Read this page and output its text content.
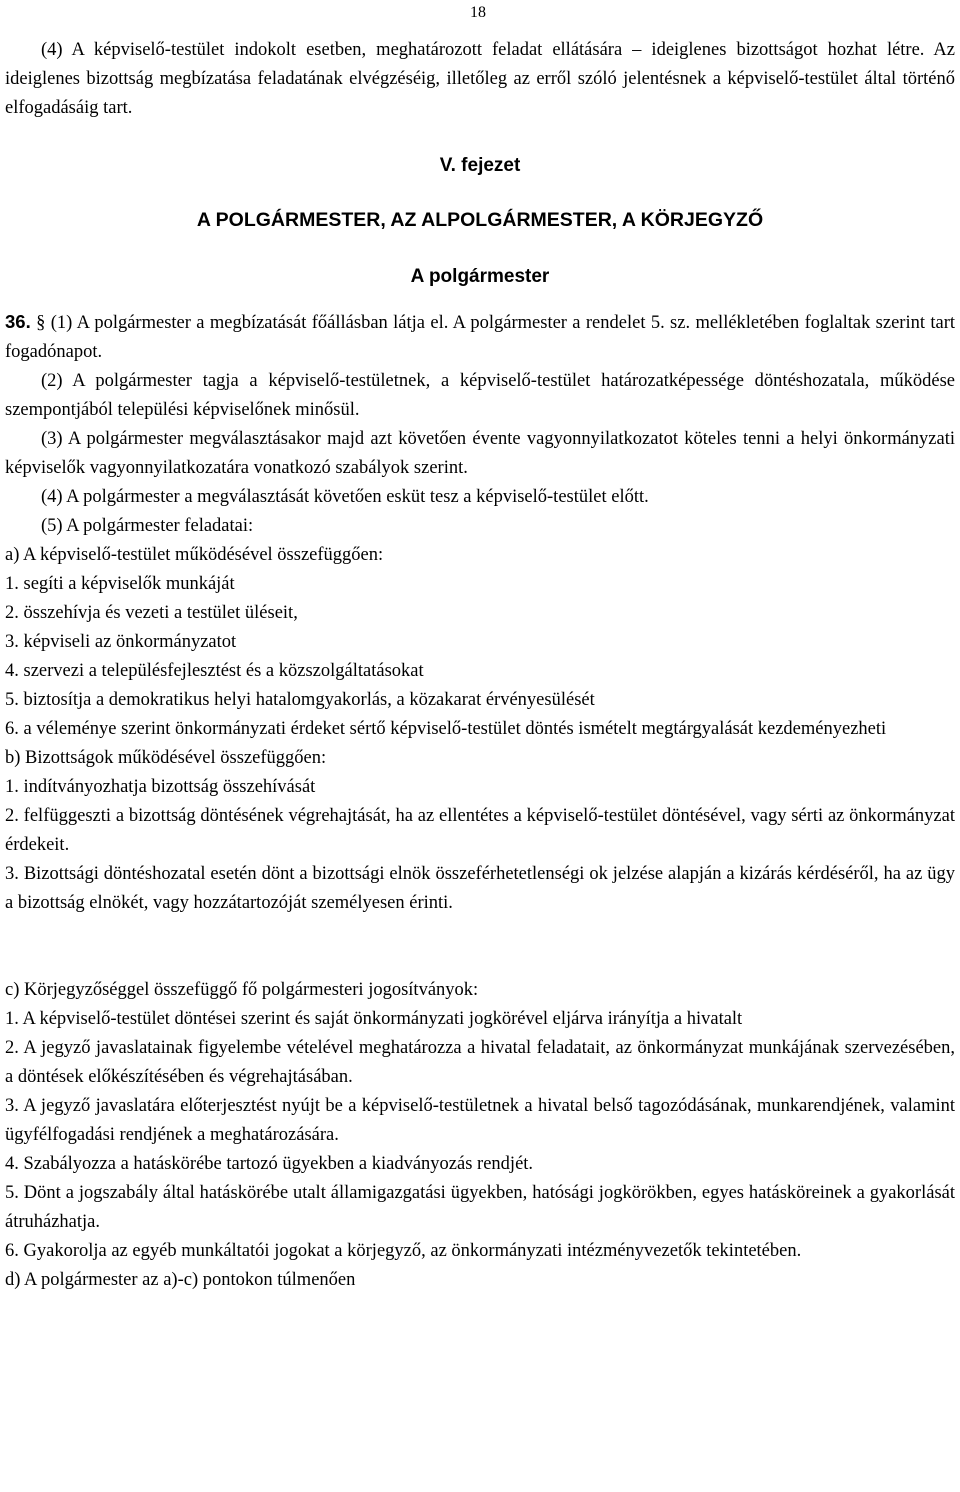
18

(4) A képviselő-testület indokolt esetben, meghatározott feladat ellátására – ideiglenes bizottságot hozhat létre. Az ideiglenes bizottság megbízatása feladatának elvégzéséig, illetőleg az erről szóló jelentésnek a képviselő-testület által történő elfogadásáig tart.

V. fejezet

A POLGÁRMESTER, AZ ALPOLGÁRMESTER, A KÖRJEGYZŐ

A polgármester

36. § (1) A polgármester a megbízatását főállásban látja el. A polgármester a rendelet 5. sz. mellékletében foglaltak szerint tart fogadónapot.

(2) A polgármester tagja a képviselő-testületnek, a képviselő-testület határozatképessége döntéshozatala, működése szempontjából települési képviselőnek minősül.

(3) A polgármester megválasztásakor majd azt követően évente vagyonnyilatkozatot köteles tenni a helyi önkormányzati képviselők vagyonnyilatkozatára vonatkozó szabályok szerint.

(4) A polgármester a megválasztását követően esküt tesz a képviselő-testület előtt.

(5) A polgármester feladatai:

a) A képviselő-testület működésével összefüggően:

1. segíti a képviselők munkáját

2. összehívja és vezeti a testület üléseit,

3. képviseli az önkormányzatot

4. szervezi a településfejlesztést és a közszolgáltatásokat

5. biztosítja a demokratikus helyi hatalomgyakorlás, a közakarat érvényesülését

6. a véleménye szerint önkormányzati érdeket sértő képviselő-testület döntés ismételt megtárgyalását kezdeményezheti

b) Bizottságok működésével összefüggően:

1. indítványozhatja bizottság összehívását

2. felfüggeszti a bizottság döntésének végrehajtását, ha az ellentétes a képviselő-testület döntésével, vagy sérti az önkormányzat érdekeit.

3. Bizottsági döntéshozatal esetén dönt a bizottsági elnök összeférhetetlenségi ok jelzése alapján a kizárás kérdéséről, ha az ügy a bizottság elnökét, vagy hozzátartozóját személyesen érinti.

c) Körjegyzőséggel összefüggő fő polgármesteri jogosítványok:

1. A képviselő-testület döntései szerint és saját önkormányzati jogkörével eljárva irányítja a hivatalt

2. A jegyző javaslatainak figyelembe vételével meghatározza a hivatal feladatait, az önkormányzat munkájának szervezésében, a döntések előkészítésében és végrehajtásában.

3. A jegyző javaslatára előterjesztést nyújt be a képviselő-testületnek a hivatal belső tagozódásának, munkarendjének, valamint ügyfélfogadási rendjének a meghatározására.

4. Szabályozza a hatáskörébe tartozó ügyekben a kiadványozás rendjét.

5. Dönt a jogszabály által hatáskörébe utalt államigazgatási ügyekben, hatósági jogkörökben, egyes hatásköreinek a gyakorlását átruházhatja.

6. Gyakorolja az egyéb munkáltatói jogokat a körjegyző, az önkormányzati intézményvezetők tekintetében.

d) A polgármester az a)-c) pontokon túlmenően
